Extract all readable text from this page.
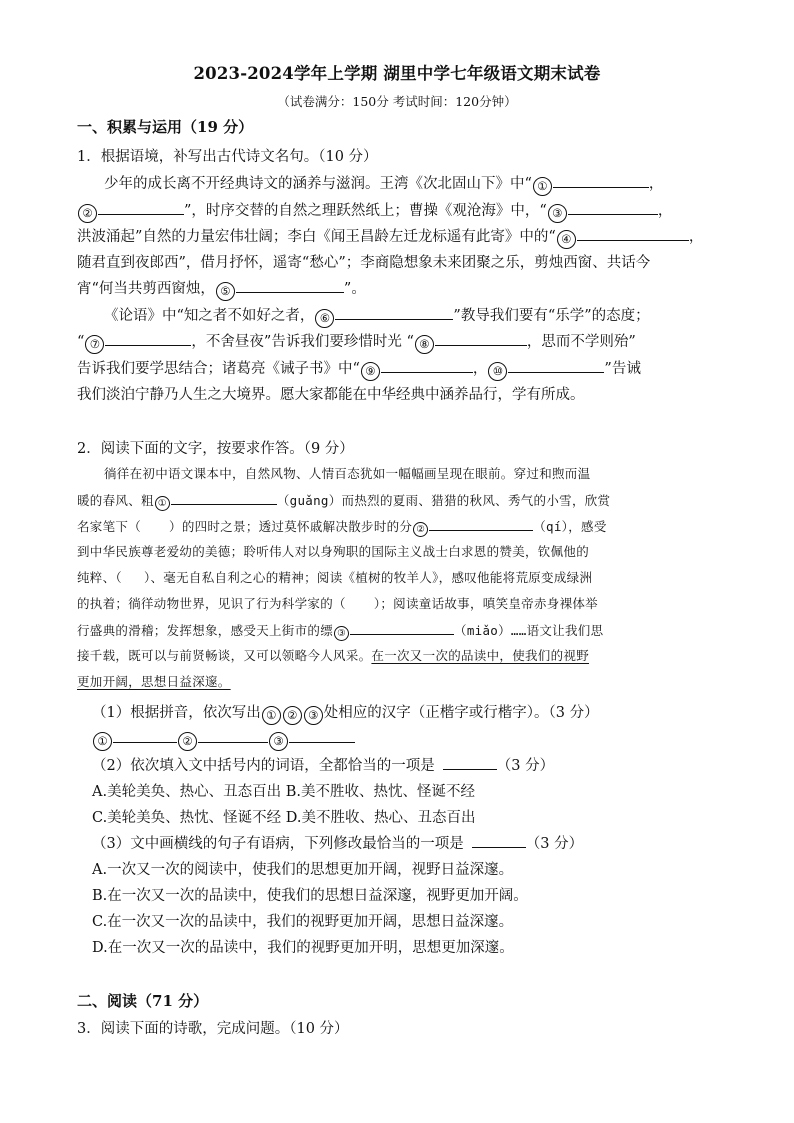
2023-2024学年上学期 湖里中学七年级语文期末试卷
（试卷满分：150分 考试时间：120分钟）
一、积累与运用（19 分）
1．根据语境，补写出古代诗文名句。（10 分）
少年的成长离不开经典诗文的涵养与滋润。王湾《次北固山下》中“ ①	，
②	”，时序交替的自然之理跃然纸上；曹操《观沧海》中，“ ③	，
洪波涌起”自然的力量宏伟壮阔；李白《闻王昌龄左迁龙标遥有此寄》中的“ ④	，
随君直到夜郎西”，借月抒怀，遥寄“愁心”；李商隐想象未来团聚之乐，剪烛西窗、共话今
宵“何当共剪西窗烛， ⑤	”。
《论语》中“知之者不如好之者， ⑥	”教导我们要有“乐学”的态度；
“ ⑦	，不舍昼夜”告诉我们要珍惜时光 “ ⑧	，思而不学则殆”
告诉我们要学思结合；诸葛亮《诫子书》中“ ⑨	， ⑩	”告诫
我们淡泊宁静乃人生之大境界。愿大家都能在中华经典中涵养品行，学有所成。
2．阅读下面的文字，按要求作答。（9 分）
徜徉在初中语文课本中，自然风物、人情百态犹如一幅幅画呈现在眼前。穿过和煦而温
暖的春风、粗 ①	（guǎng）而热烈的夏雨、猎猎的秋风、秀气的小雪，欣赏
名家笔下（ ）的四时之景；透过莫怀戚解决散步时的分 ②	（qí），感受
到中华民族尊老爱幼的美德；聆听伟人对以身殉职的国际主义战士白求恩的赞美，钦佩他的
纯粹、（ ）、毫无自私自利之心的精神；阅读《植树的牧羊人》，感叹他能将荒原变成绿洲
的执着；徜徉动物世界，见识了行为科学家的（ ）；阅读童话故事，嗔笑皇帝赤身裸体举
行盛典的滑稽；发挥想象，感受天上街市的缥 ③	（miǎo）……语文让我们思
接千载，既可以与前贤畅谈，又可以领略今人风采。在一次又一次的品读中，使我们的视野
更加开阔，思想日益深邃。
（1）根据拼音，依次写出 ① ② ③ 处相应的汉字（正楷字或行楷字）。（3 分）
①	②	③
（2）依次填入文中括号内的词语，全都恰当的一项是	（3 分）
A.美轮美奂、热心、丑态百出 B.美不胜收、热忱、怪诞不经
C.美轮美奂、热忱、怪诞不经 D.美不胜收、热心、丑态百出
（3）文中画横线的句子有语病，下列修改最恰当的一项是	（3 分）
A.一次又一次的阅读中，使我们的思想更加开阔，视野日益深邃。
B.在一次又一次的品读中，使我们的思想日益深邃，视野更加开阔。
C.在一次又一次的品读中，我们的视野更加开阔，思想日益深邃。
D.在一次又一次的品读中，我们的视野更加开明，思想更加深邃。
二、阅读（71 分）
3．阅读下面的诗歌，完成问题。（10 分）
